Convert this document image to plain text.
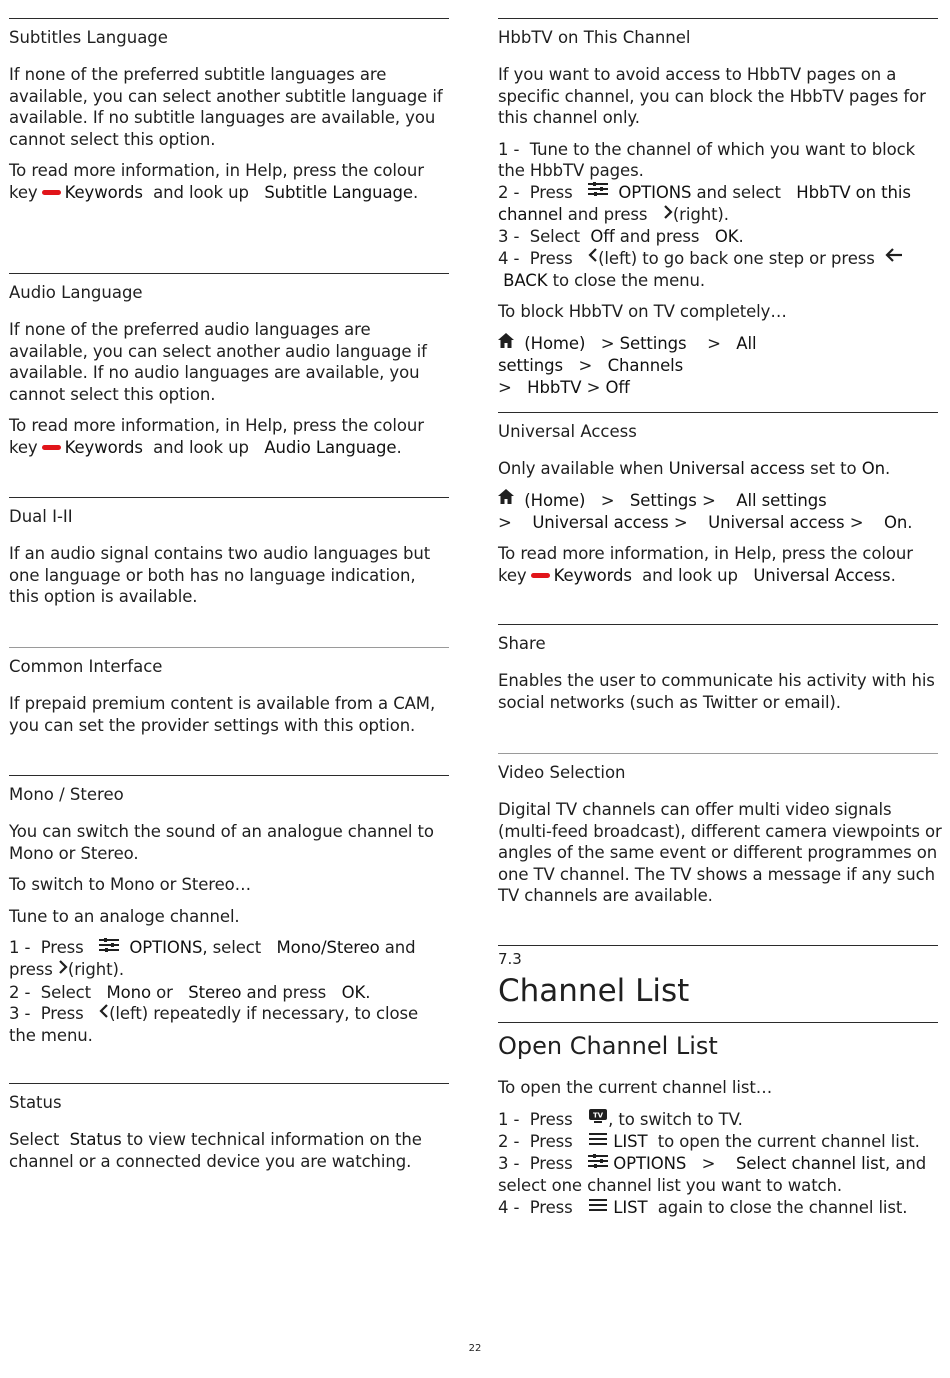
Subtitles Language

If none of the preferred subtitle languages are available, you can select another subtitle language if available. If no subtitle languages are available, you cannot select this option.

To read more information, in Help, press the colour key Keywords and look up Subtitle Language.

Audio Language

If none of the preferred audio languages are available, you can select another audio language if available. If no audio languages are available, you cannot select this option.

To read more information, in Help, press the colour key Keywords and look up Audio Language.

Dual I-II

If an audio signal contains two audio languages but one language or both has no language indication, this option is available.

Common Interface

If prepaid premium content is available from a CAM, you can set the provider settings with this option.

Mono / Stereo

You can switch the sound of an analogue channel to Mono or Stereo.

To switch to Mono or Stereo…

Tune to an analoge channel.

1 - Press	OPTIONS, select Mono/Stereo and press (right).
2 - Select Mono or Stereo and press OK.
3 - Press (left) repeatedly if necessary, to close the menu.

Status

Select Status to view technical information on the channel or a connected device you are watching.

HbbTV on This Channel

If you want to avoid access to HbbTV pages on a specific channel, you can block the HbbTV pages for this channel only.

1 - Tune to the channel of which you want to block the HbbTV pages.
2 - Press	OPTIONS and select HbbTV on this channel and press (right).
3 - Select Off and press OK.
4 - Press (left) to go back one step or press    BACK to close the menu.

To block HbbTV on TV completely…

(Home) > Settings > All settings > Channels
> HbbTV > Off

Universal Access

Only available when Universal access set to On.

(Home) > Settings > All settings > Universal access > Universal access > On.

To read more information, in Help, press the colour key Keywords and look up Universal Access.

Share

Enables the user to communicate his activity with his social networks (such as Twitter or email).

Video Selection

Digital TV channels can offer multi video signals (multi-feed broadcast), different camera viewpoints or angles of the same event or different programmes on one TV channel. The TV shows a message if any such TV channels are available.

7.3
Channel List
Open Channel List

To open the current channel list…

1 - Press	TV , to switch to TV.
2 - Press LIST to open the current channel list.
3 - Press OPTIONS > Select channel list, and select one channel list you want to watch.
4 - Press LIST again to close the channel list.

22
